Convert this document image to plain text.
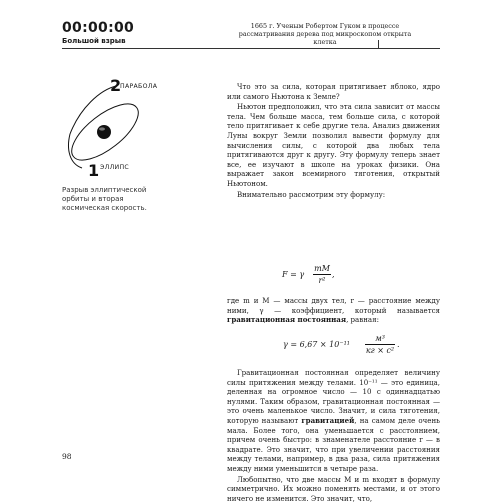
00:00:00
Большой взрыв
1665 г. Ученым Робертом Гуком в процессе рассматривания дерева под микроскопом открыта клетка
2
1
ПАРАБОЛА
ЭЛЛИПС
Разрыв эллиптической орбиты и вторая космическая скорость.

Что это за сила, которая притягивает яблоко, ядро или самого Ньютона к Земле?

Ньютон предположил, что эта сила зависит от массы тела. Чем больше масса, тем больше сила, с которой тело притягивает к себе другие тела. Анализ движения Луны вокруг Земли позволил вывести формулу для вычисления силы, с которой два любых тела притягиваются друг к другу. Эту формулу теперь знает все, ее изучают в школе на уроках физики. Она выражает закон всемирного тяготения, открытый Ньютоном.

Внимательно рассмотрим эту формулу:

F = γ
mM
r²
,

где m и M — массы двух тел, r — расстояние между ними, γ — коэффициент, который называется гравитационная постоянная, равная:

γ = 6,67 × 10⁻¹¹
м³
кг × с²
.

Гравитационная постоянная определяет величину силы притяжения между телами. 10⁻¹¹ — это единица, деленная на огромное число — 10 с одиннадцатью нулями. Таким образом, гравитационная постоянная — это очень маленькое число. Значит, и сила тяготения, которую называют гравитацией, на самом деле очень мала. Более того, она уменьшается с расстоянием, причем очень быстро: в знаменателе расстояние r — в квадрате. Это значит, что при увеличении расстояния между телами, например, в два раза, сила притяжения между ними уменьшится в четыре раза.

Любопытно, что две массы M и m входят в формулу симметрично. Их можно поменять местами, и от этого ничего не изменится. Это значит, что,

98
